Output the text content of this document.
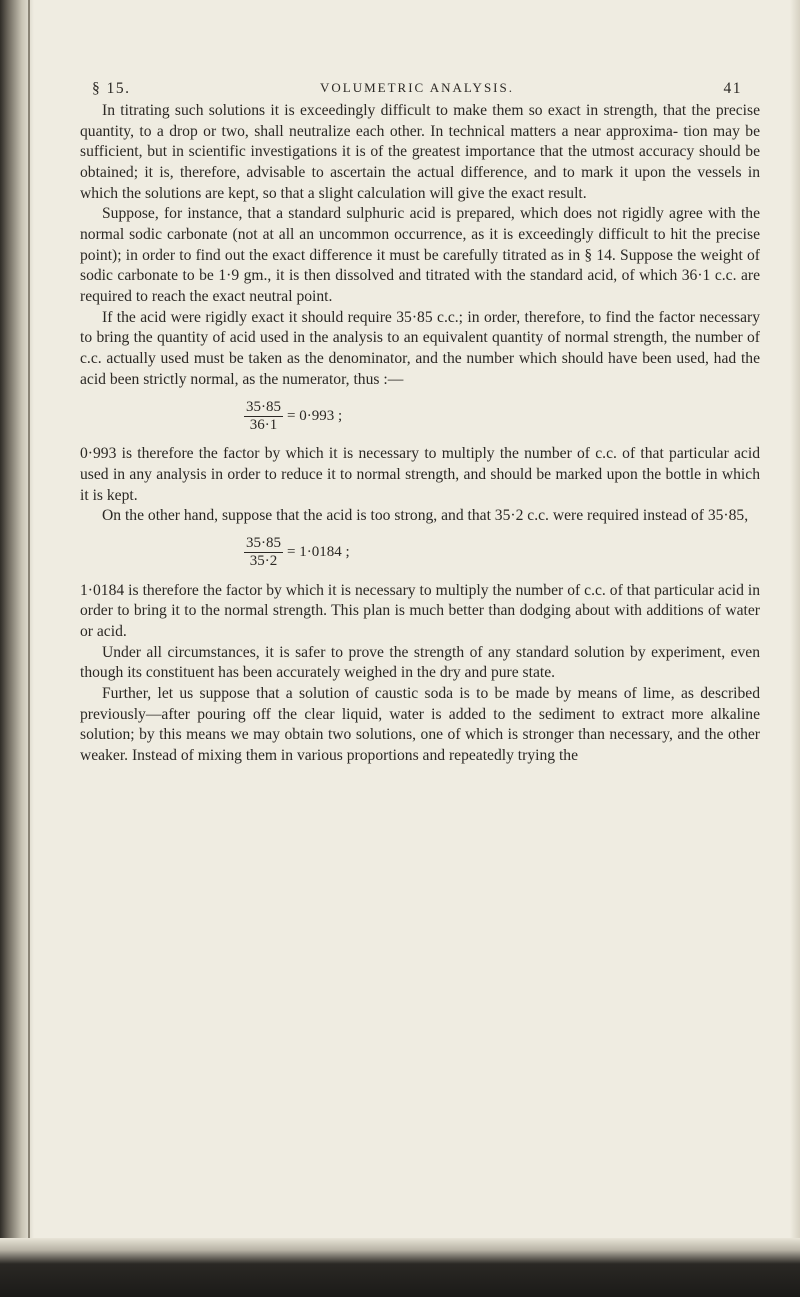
§ 15.	VOLUMETRIC ANALYSIS.	41

In titrating such solutions it is exceedingly difficult to make them so exact in strength, that the precise quantity, to a drop or two, shall neutralize each other. In technical matters a near approxima- tion may be sufficient, but in scientific investigations it is of the greatest importance that the utmost accuracy should be obtained; it is, therefore, advisable to ascertain the actual difference, and to mark it upon the vessels in which the solutions are kept, so that a slight calculation will give the exact result.

Suppose, for instance, that a standard sulphuric acid is prepared, which does not rigidly agree with the normal sodic carbonate (not at all an uncommon occurrence, as it is exceedingly difficult to hit the precise point); in order to find out the exact difference it must be carefully titrated as in § 14. Suppose the weight of sodic carbonate to be 1·9 gm., it is then dissolved and titrated with the standard acid, of which 36·1 c.c. are required to reach the exact neutral point.

If the acid were rigidly exact it should require 35·85 c.c.; in order, therefore, to find the factor necessary to bring the quantity of acid used in the analysis to an equivalent quantity of normal strength, the number of c.c. actually used must be taken as the denominator, and the number which should have been used, had the acid been strictly normal, as the numerator, thus :—

$\frac{35\cdot 85}{36\cdot 1} = 0\cdot 993$ ;

0·993 is therefore the factor by which it is necessary to multiply the number of c.c. of that particular acid used in any analysis in order to reduce it to normal strength, and should be marked upon the bottle in which it is kept.

On the other hand, suppose that the acid is too strong, and that 35·2 c.c. were required instead of 35·85,

$\frac{35\cdot 85}{35\cdot 2} = 1\cdot 0184$ ;

1·0184 is therefore the factor by which it is necessary to multiply the number of c.c. of that particular acid in order to bring it to the normal strength. This plan is much better than dodging about with additions of water or acid.

Under all circumstances, it is safer to prove the strength of any standard solution by experiment, even though its constituent has been accurately weighed in the dry and pure state.

Further, let us suppose that a solution of caustic soda is to be made by means of lime, as described previously—after pouring off the clear liquid, water is added to the sediment to extract more alkaline solution; by this means we may obtain two solutions, one of which is stronger than necessary, and the other weaker. Instead of mixing them in various proportions and repeatedly trying the
